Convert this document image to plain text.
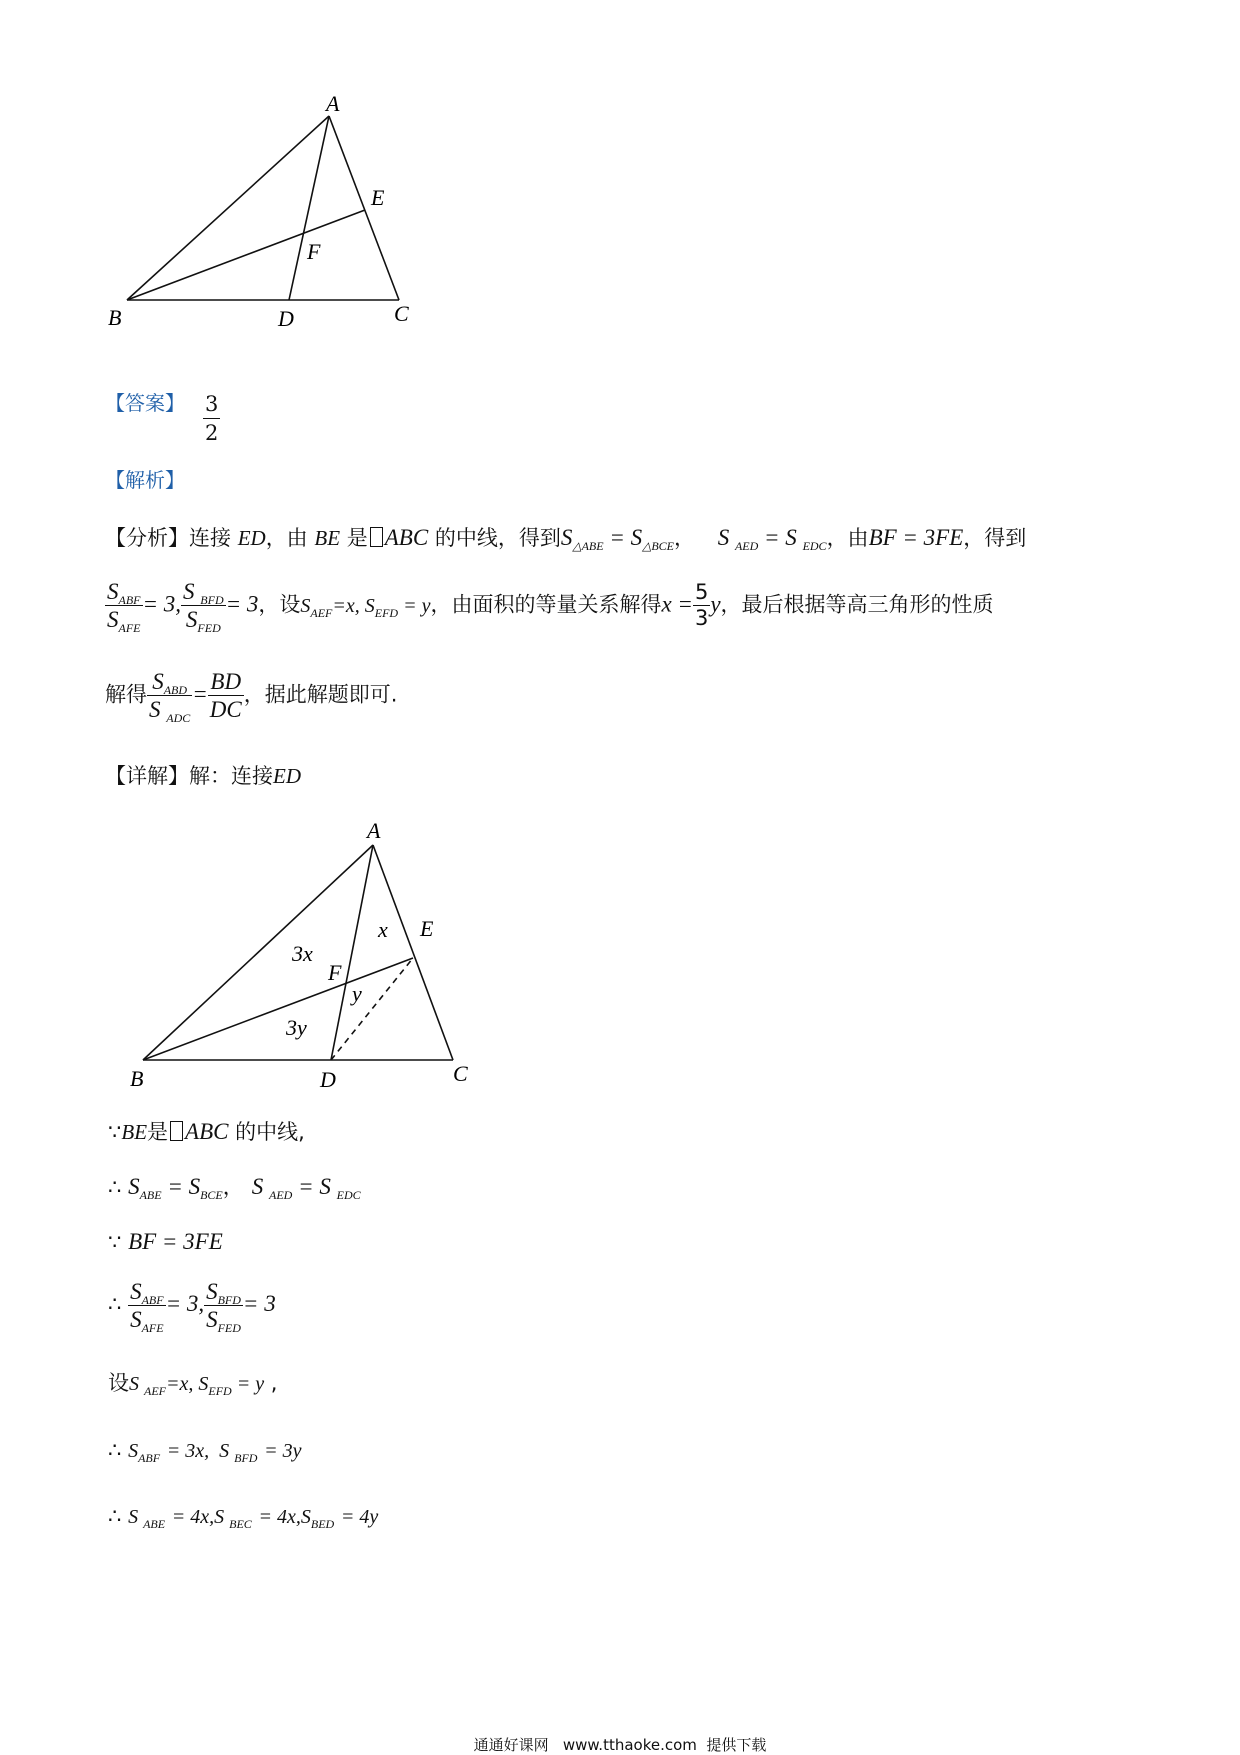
A
B	C
D
E
F
【答案】 $\frac{3}{2}$
【解析】
【分析】连接 ED，由 BE 是 ABC 的中线，得到$S_{\triangle ABE} = S_{\triangle BCE}$， S $_{AED}$ = S $_{EDC}$，由BF = 3FE，得到
$\frac{S_{ABF}}{S_{AFE}} = 3$, $\frac{S _{BFD}}{S_{FED}} = 3$，设$S_{AEF}=x$, $S_{EFD} = y$，由面积的等量关系解得$x = \frac{5}{3}$ y，最后根据等高三角形的性质
解得 $\frac{S_{ABD}}{S _{ADC}} = \frac{BD}{DC}$ ，据此解题即可.
【详解】解：连接ED
A
B	C
D
E
F
3x
x
y
3y
∵BE是 ABC 的中线,
∴ $S_{ABE} = S_{BCE}$， S $_{AED}$ = S $_{EDC}$
∵ BF = 3FE
∴ $\frac{S_{ABF}}{S_{AFE}} = 3$, $\frac{S_{BFD}}{S_{FED}} = 3$
设S $_{AEF}$=x, $S_{EFD} = y$ ,
∴ $S_{ABF} = 3x$, S $_{BFD}$ = 3y
∴ S $_{ABE}$ = 4x,S $_{BEC} = 4x,S_{BED} = 4y$
通通好课网   www.tthaoke.com  提供下载
